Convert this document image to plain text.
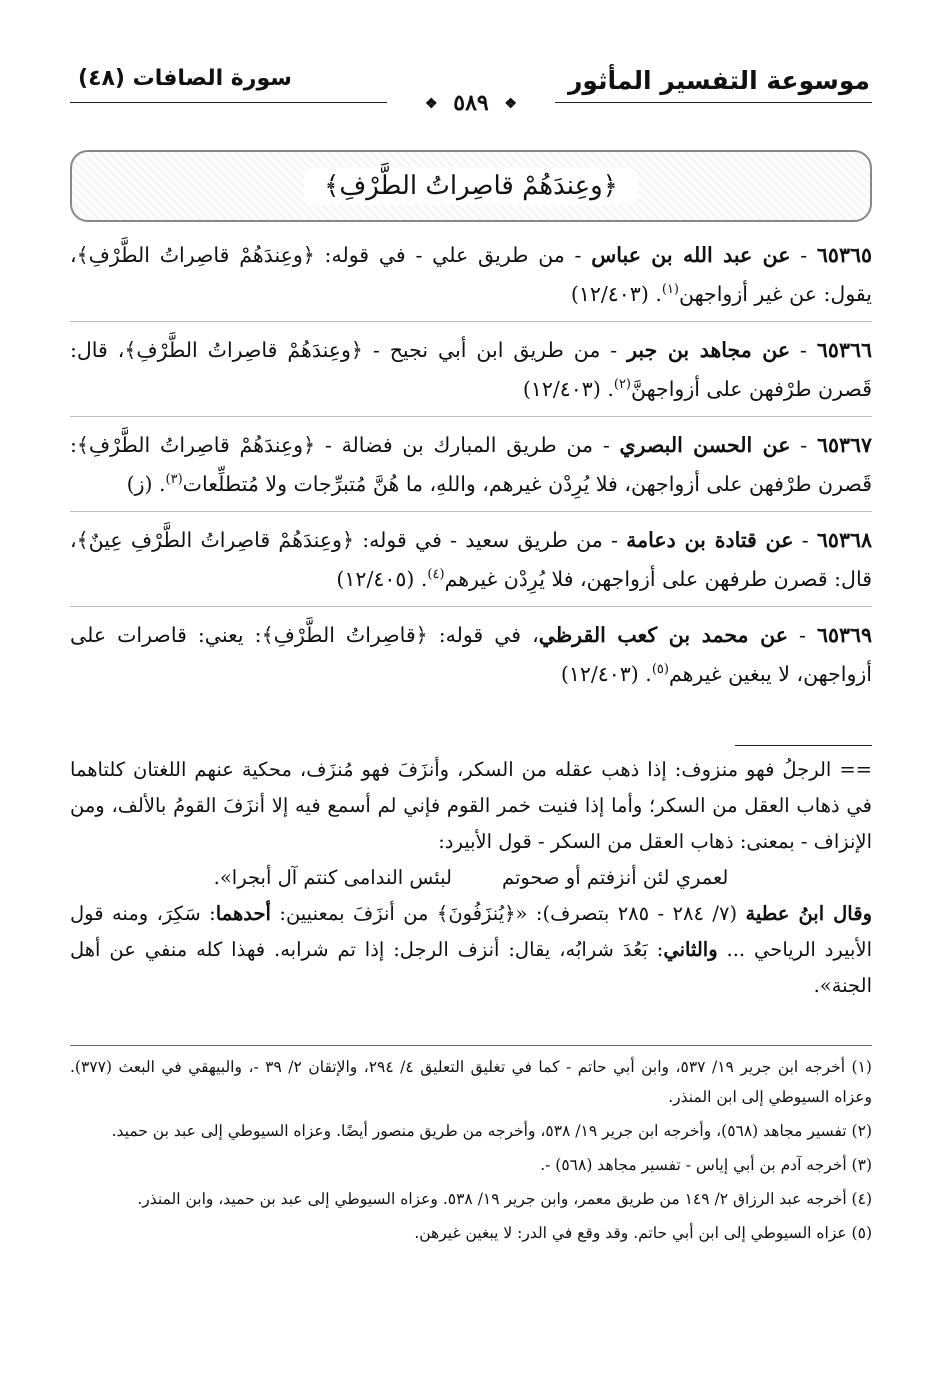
موسوعة التفسير المأثور
سورة الصافات (٤٨)
❖ ٥٨٩ ❖
﴿وعِندَهُمْ قاصِراتُ الطَّرْفِ﴾

٦٥٣٦٥ - عن عبد الله بن عباس - من طريق علي - في قوله: ﴿وعِندَهُمْ قاصِراتُ الطَّرْفِ﴾، يقول: عن غير أزواجهن$^{(١)}$. (١٢/٤٠٣)

٦٥٣٦٦ - عن مجاهد بن جبر - من طريق ابن أبي نجيح - ﴿وعِندَهُمْ قاصِراتُ الطَّرْفِ﴾، قال: قَصرن طرْفهن على أزواجهنَّ$^{(٢)}$. (١٢/٤٠٣)

٦٥٣٦٧ - عن الحسن البصري - من طريق المبارك بن فضالة - ﴿وعِندَهُمْ قاصِراتُ الطَّرْفِ﴾: قَصرن طرْفهن على أزواجهن، فلا يُرِدْن غيرهم، واللهِ، ما هُنَّ مُتبرِّجات ولا مُتطلِّعات$^{(٣)}$. (ز)

٦٥٣٦٨ - عن قتادة بن دعامة - من طريق سعيد - في قوله: ﴿وعِندَهُمْ قاصِراتُ الطَّرْفِ عِينٌ﴾، قال: قصرن طرفهن على أزواجهن، فلا يُرِدْن غيرهم$^{(٤)}$. (١٢/٤٠٥)

٦٥٣٦٩ - عن محمد بن كعب القرظي، في قوله: ﴿قاصِراتُ الطَّرْفِ﴾: يعني: قاصرات على أزواجهن، لا يبغين غيرهم$^{(٥)}$. (١٢/٤٠٣)

== الرجلُ فهو منزوف: إذا ذهب عقله من السكر، وأنزَفَ فهو مُنزَف، محكية عنهم اللغتان كلتاهما في ذهاب العقل من السكر؛ وأما إذا فنيت خمر القوم فإني لم أسمع فيه إلا أنزَفَ القومُ بالألف، ومن الإنزاف - بمعنى: ذهاب العقل من السكر - قول الأبيرد:

لعمري لئن أنزفتم أو صحوتم
لبئس الندامى كنتم آل أبجرا».

وقال ابنُ عطية (٧/ ٢٨٤ - ٢٨٥ بتصرف): «﴿يُنزَفُونَ﴾ من أنزَفَ بمعنيين: أحدهما: سَكِرَ، ومنه قول الأبيرد الرياحي ... والثاني: بَعُدَ شرابُه، يقال: أنزف الرجل: إذا تم شرابه. فهذا كله منفي عن أهل الجنة».

(١) أخرجه ابن جرير ١٩/ ٥٣٧، وابن أبي حاتم - كما في تغليق التعليق ٤/ ٢٩٤، والإتقان ٢/ ٣٩ -، والبيهقي في البعث (٣٧٧). وعزاه السيوطي إلى ابن المنذر.

(٢) تفسير مجاهد (٥٦٨)، وأخرجه ابن جرير ١٩/ ٥٣٨، وأخرجه من طريق منصور أيضًا. وعزاه السيوطي إلى عبد بن حميد.

(٣) أخرجه آدم بن أبي إياس - تفسير مجاهد (٥٦٨) -.

(٤) أخرجه عبد الرزاق ٢/ ١٤٩ من طريق معمر، وابن جرير ١٩/ ٥٣٨. وعزاه السيوطي إلى عبد بن حميد، وابن المنذر.

(٥) عزاه السيوطي إلى ابن أبي حاتم. وقد وقع في الدر: لا يبغين غيرهن.
